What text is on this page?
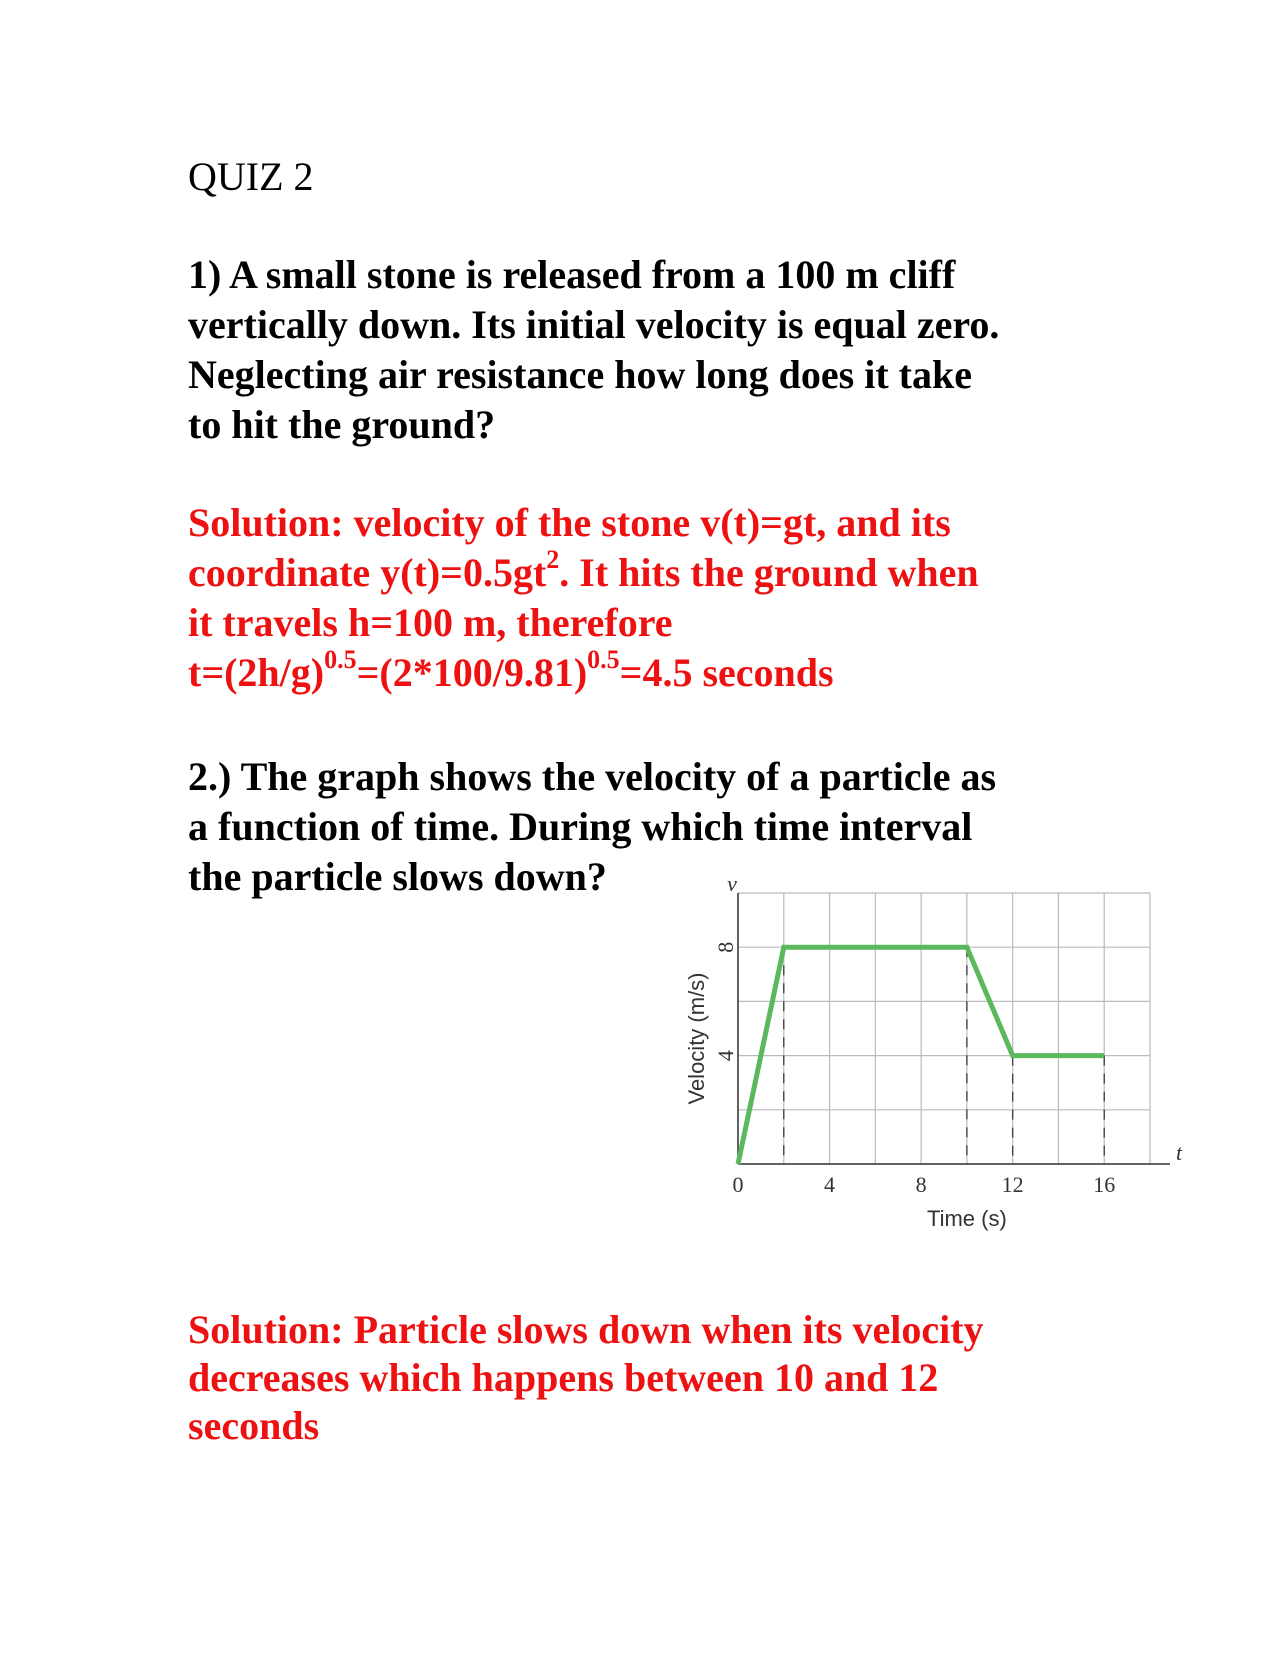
QUIZ 2
1) A small stone is released from a 100 m cliff
vertically down. Its initial velocity is equal zero.
Neglecting air resistance how long does it take
to hit the ground?
Solution: velocity of the stone v(t)=gt, and its
coordinate $y(t)=0.5gt^2$. It hits the ground when
it travels h=100 m, therefore
$t=(2h/g)^{0.5}=(2*100/9.81)^{0.5}=4.5$ seconds
2.) The graph shows the velocity of a particle as
a function of time. During which time interval
the particle slows down?
0	4	8	12	16
4
8
Time (s)
Velocity (m/s)
v
t
Solution: Particle slows down when its velocity
decreases which happens between 10 and 12
seconds
